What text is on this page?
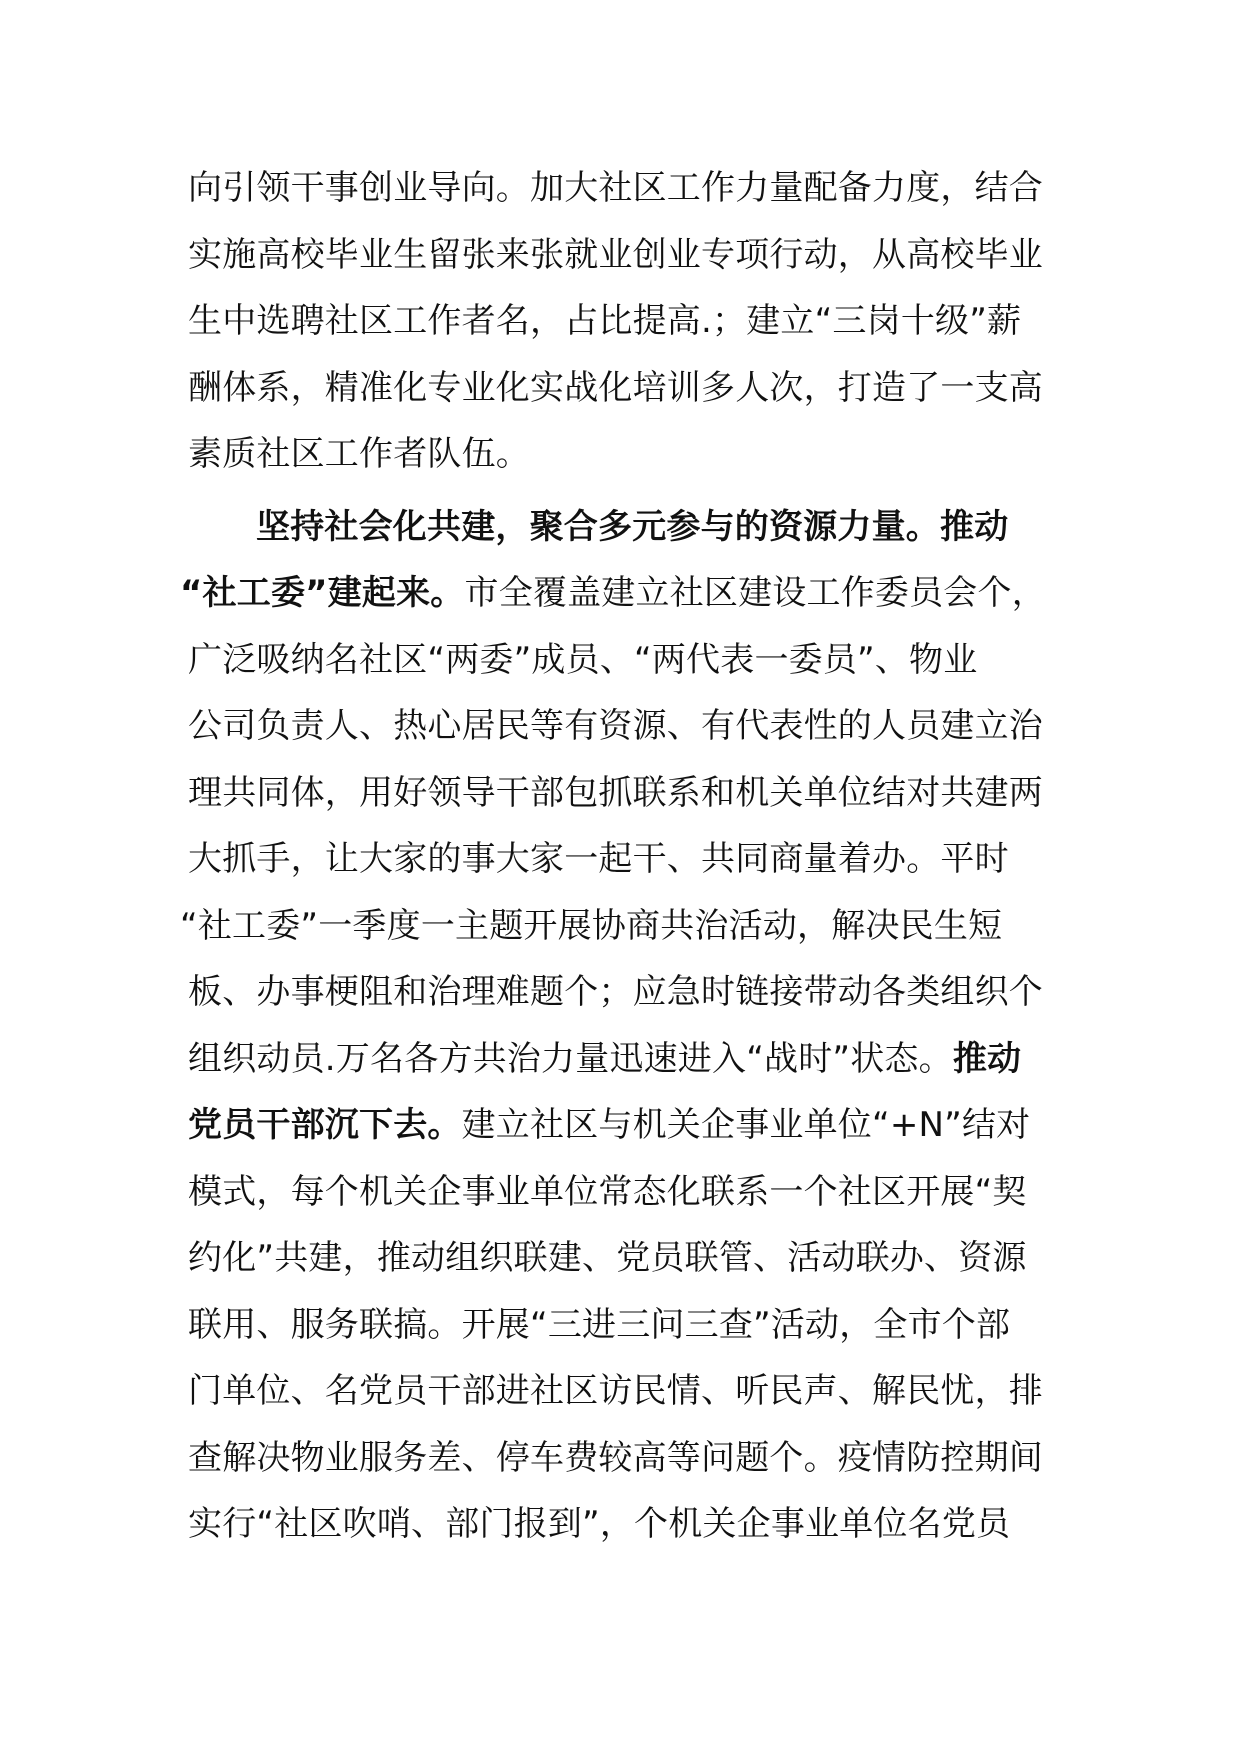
向引领干事创业导向。加大社区工作力量配备力度，结合
实施高校毕业生留张来张就业创业专项行动，从高校毕业
生中选聘社区工作者名，占比提高.；建立“三岗十级”薪
酬体系，精准化专业化实战化培训多人次，打造了一支高
素质社区工作者队伍。
坚持社会化共建，聚合多元参与的资源力量。推动
“社工委”建起来。市全覆盖建立社区建设工作委员会个，
广泛吸纳名社区“两委”成员、“两代表一委员”、物业
公司负责人、热心居民等有资源、有代表性的人员建立治
理共同体，用好领导干部包抓联系和机关单位结对共建两
大抓手，让大家的事大家一起干、共同商量着办。平时
“社工委”一季度一主题开展协商共治活动，解决民生短
板、办事梗阻和治理难题个；应急时链接带动各类组织个
组织动员.万名各方共治力量迅速进入“战时”状态。推动
党员干部沉下去。建立社区与机关企事业单位“+N”结对
模式，每个机关企事业单位常态化联系一个社区开展“契
约化”共建，推动组织联建、党员联管、活动联办、资源
联用、服务联搞。开展“三进三问三查”活动，全市个部
门单位、名党员干部进社区访民情、听民声、解民忧，排
查解决物业服务差、停车费较高等问题个。疫情防控期间
实行“社区吹哨、部门报到”，个机关企事业单位名党员
